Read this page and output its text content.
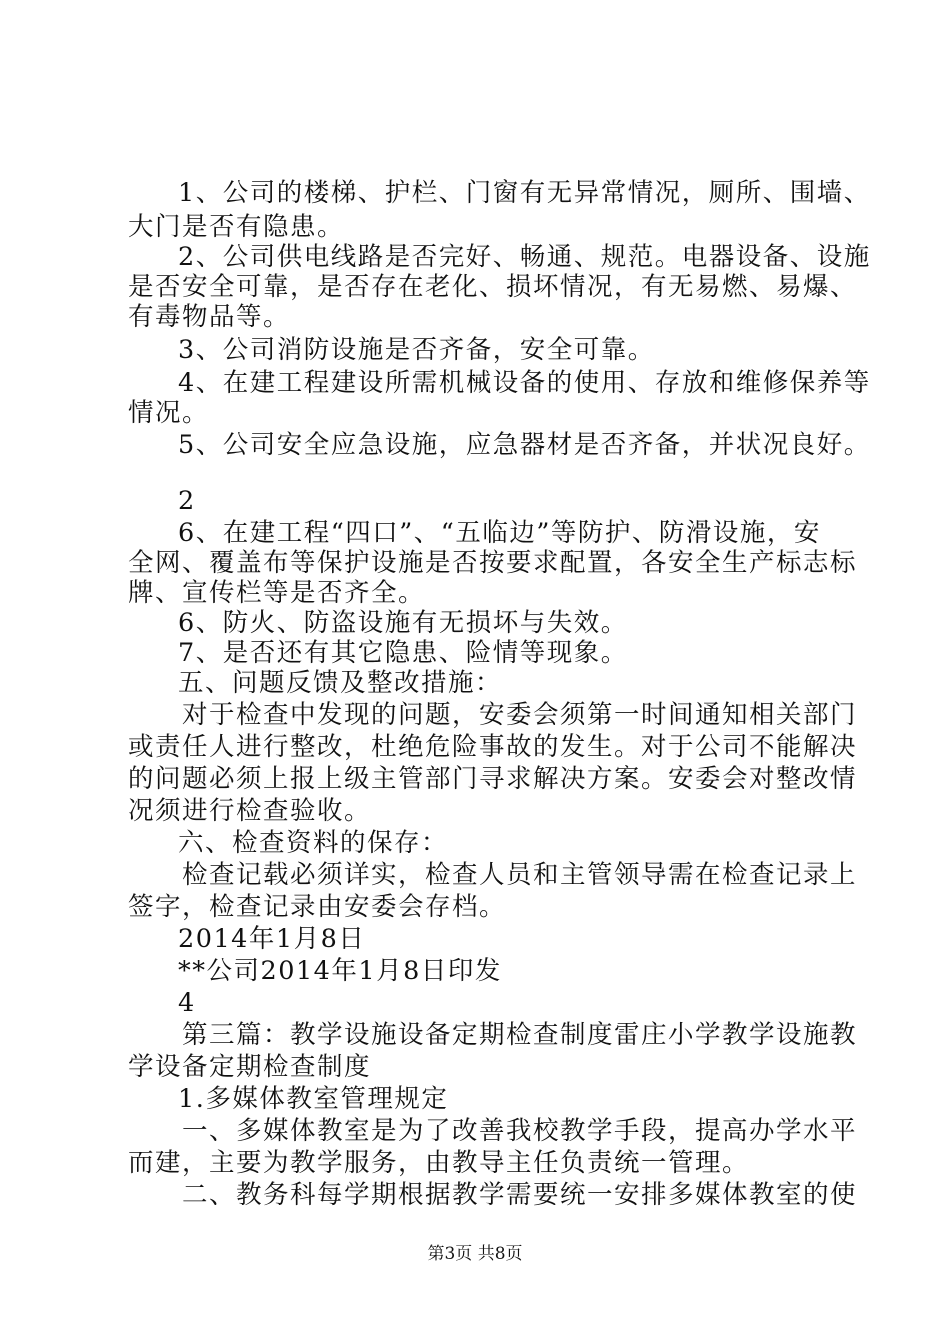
1、公司的楼梯、护栏、门窗有无异常情况，厕所、围墙、
大门是否有隐患。
2、公司供电线路是否完好、畅通、规范。电器设备、设施
是否安全可靠，是否存在老化、损坏情况，有无易燃、易爆、
有毒物品等。
3、公司消防设施是否齐备，安全可靠。
4、在建工程建设所需机械设备的使用、存放和维修保养等
情况。
5、公司安全应急设施，应急器材是否齐备，并状况良好。
2
6、在建工程“四口”、“五临边”等防护、防滑设施，安
全网、覆盖布等保护设施是否按要求配置，各安全生产标志标
牌、宣传栏等是否齐全。
6、防火、防盗设施有无损坏与失效。
7、是否还有其它隐患、险情等现象。
五、问题反馈及整改措施：
对于检查中发现的问题，安委会须第一时间通知相关部门
或责任人进行整改，杜绝危险事故的发生。对于公司不能解决
的问题必须上报上级主管部门寻求解决方案。安委会对整改情
况须进行检查验收。
六、检查资料的保存：
检查记载必须详实，检查人员和主管领导需在检查记录上
签字，检查记录由安委会存档。
2014年1月8日
**公司2014年1月8日印发
4
第三篇：教学设施设备定期检查制度雷庄小学教学设施教
学设备定期检查制度
1.多媒体教室管理规定
一、多媒体教室是为了改善我校教学手段，提高办学水平
而建，主要为教学服务，由教导主任负责统一管理。
二、教务科每学期根据教学需要统一安排多媒体教室的使
第3页 共8页
